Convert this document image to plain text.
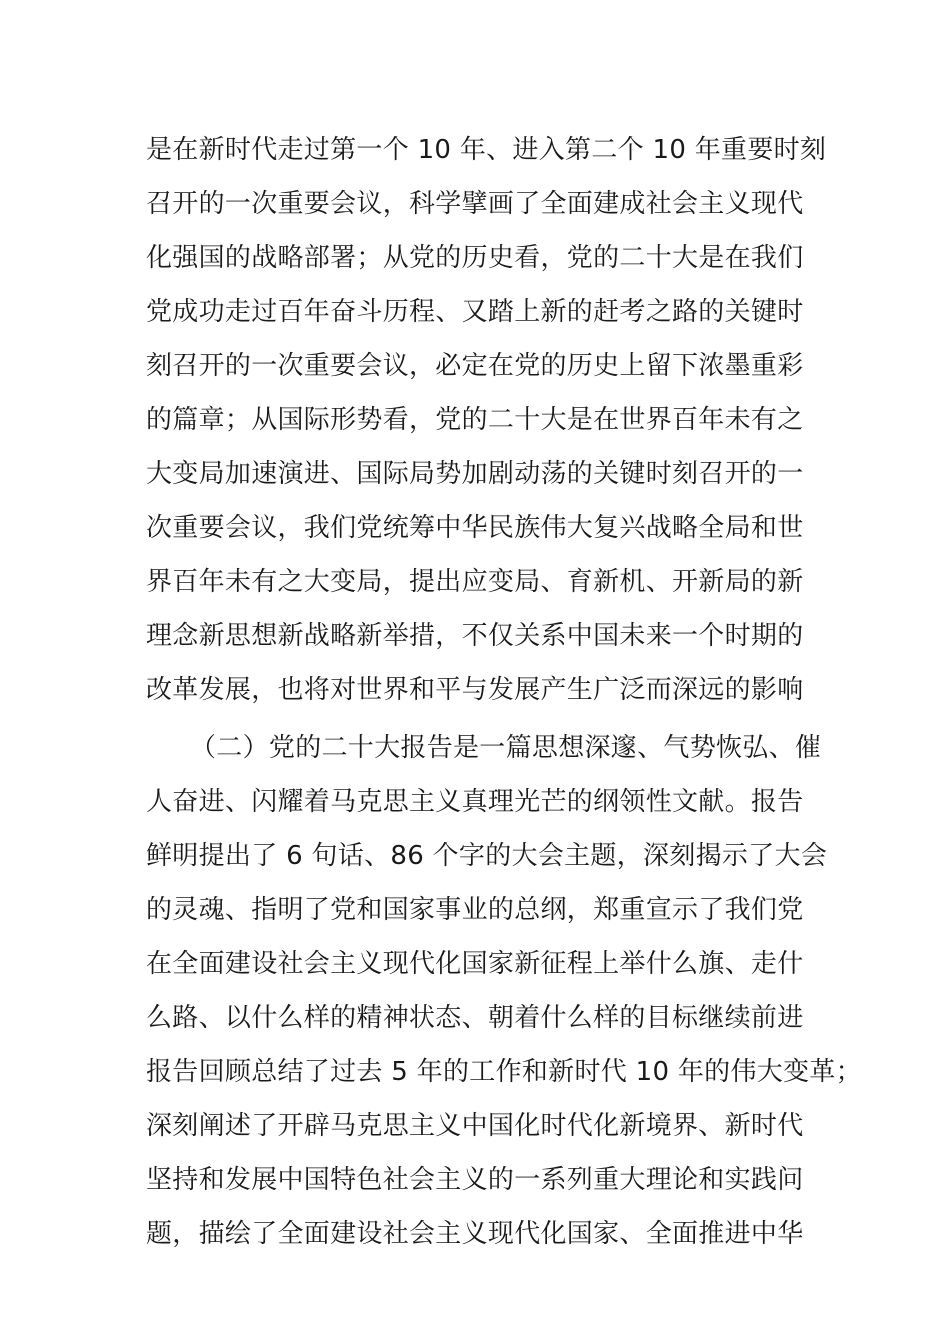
是在新时代走过第一个 10 年、进入第二个 10 年重要时刻
召开的一次重要会议，科学擘画了全面建成社会主义现代
化强国的战略部署；从党的历史看，党的二十大是在我们
党成功走过百年奋斗历程、又踏上新的赶考之路的关键时
刻召开的一次重要会议，必定在党的历史上留下浓墨重彩
的篇章；从国际形势看，党的二十大是在世界百年未有之
大变局加速演进、国际局势加剧动荡的关键时刻召开的一
次重要会议，我们党统筹中华民族伟大复兴战略全局和世
界百年未有之大变局，提出应变局、育新机、开新局的新
理念新思想新战略新举措，不仅关系中国未来一个时期的
改革发展，也将对世界和平与发展产生广泛而深远的影响
（二）党的二十大报告是一篇思想深邃、气势恢弘、催
人奋进、闪耀着马克思主义真理光芒的纲领性文献。报告
鲜明提出了 6 句话、86 个字的大会主题，深刻揭示了大会
的灵魂、指明了党和国家事业的总纲，郑重宣示了我们党
在全面建设社会主义现代化国家新征程上举什么旗、走什
么路、以什么样的精神状态、朝着什么样的目标继续前进
报告回顾总结了过去 5 年的工作和新时代 10 年的伟大变革；
深刻阐述了开辟马克思主义中国化时代化新境界、新时代
坚持和发展中国特色社会主义的一系列重大理论和实践问
题，描绘了全面建设社会主义现代化国家、全面推进中华
